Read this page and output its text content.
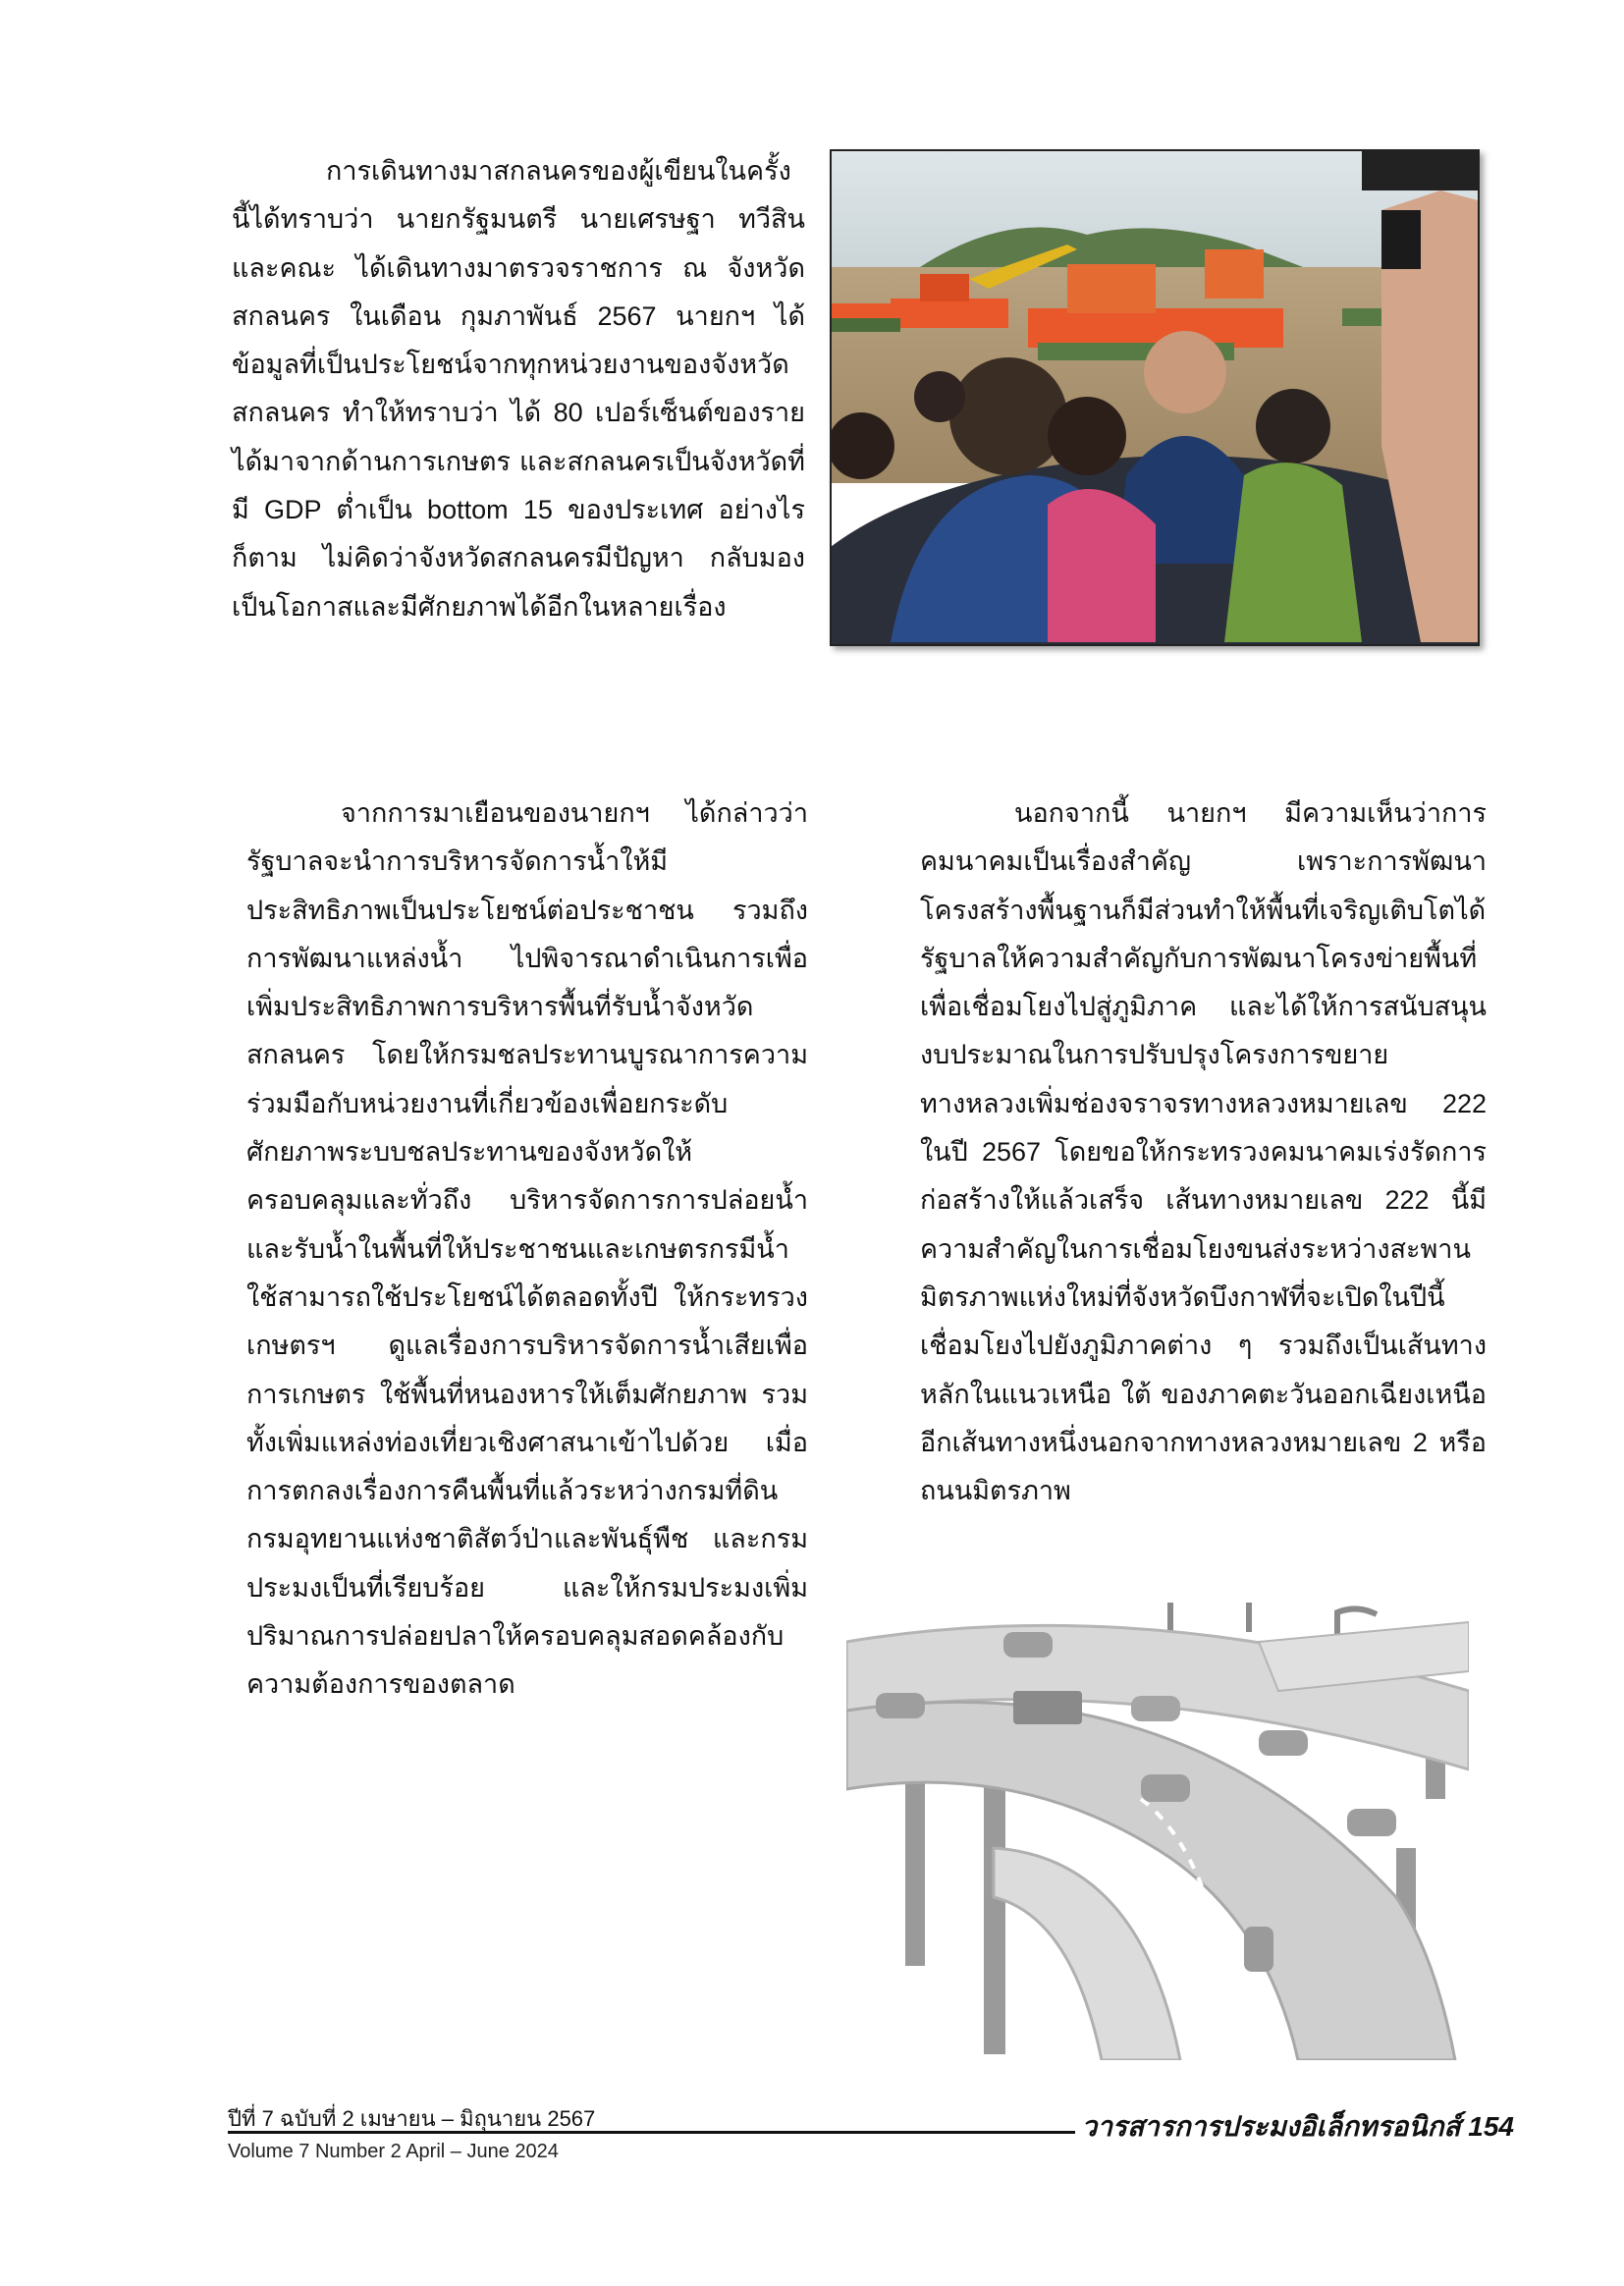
การเดินทางมาสกลนครของผู้เขียนในครั้งนี้ได้ทราบว่า นายกรัฐมนตรี นายเศรษฐา ทวีสิน และคณะ ได้เดินทางมาตรวจราชการ ณ จังหวัดสกลนคร ในเดือน กุมภาพันธ์ 2567 นายกฯ ได้ข้อมูลที่เป็นประโยชน์จากทุกหน่วยงานของจังหวัดสกลนคร ทำให้ทราบว่า ได้ 80 เปอร์เซ็นต์ของรายได้มาจากด้านการเกษตร และสกลนครเป็นจังหวัดที่มี GDP ต่ำเป็น bottom 15 ของประเทศ อย่างไรก็ตาม ไม่คิดว่าจังหวัดสกลนครมีปัญหา กลับมองเป็นโอกาสและมีศักยภาพได้อีกในหลายเรื่อง

จากการมาเยือนของนายกฯ ได้กล่าวว่ารัฐบาลจะนำการบริหารจัดการน้ำให้มีประสิทธิภาพเป็นประโยชน์ต่อประชาชน รวมถึงการพัฒนาแหล่งน้ำ ไปพิจารณาดำเนินการเพื่อเพิ่มประสิทธิภาพการบริหารพื้นที่รับน้ำจังหวัดสกลนคร โดยให้กรมชลประทานบูรณาการความร่วมมือกับหน่วยงานที่เกี่ยวข้องเพื่อยกระดับศักยภาพระบบชลประทานของจังหวัดให้ครอบคลุมและทั่วถึง บริหารจัดการการปล่อยน้ำและรับน้ำในพื้นที่ให้ประชาชนและเกษตรกรมีน้ำใช้สามารถใช้ประโยชน์ได้ตลอดทั้งปี ให้กระทรวงเกษตรฯ ดูแลเรื่องการบริหารจัดการน้ำเสียเพื่อการเกษตร ใช้พื้นที่หนองหารให้เต็มศักยภาพ รวมทั้งเพิ่มแหล่งท่องเที่ยวเชิงศาสนาเข้าไปด้วย เมื่อการตกลงเรื่องการคืนพื้นที่แล้วระหว่างกรมที่ดิน กรมอุทยานแห่งชาติสัตว์ป่าและพันธุ์พืช และกรมประมงเป็นที่เรียบร้อย และให้กรมประมงเพิ่มปริมาณการปล่อยปลาให้ครอบคลุมสอดคล้องกับความต้องการของตลาด

นอกจากนี้ นายกฯ มีความเห็นว่าการคมนาคมเป็นเรื่องสำคัญ เพราะการพัฒนาโครงสร้างพื้นฐานก็มีส่วนทำให้พื้นที่เจริญเติบโตได้ รัฐบาลให้ความสำคัญกับการพัฒนาโครงข่ายพื้นที่เพื่อเชื่อมโยงไปสู่ภูมิภาค และได้ให้การสนับสนุนงบประมาณในการปรับปรุงโครงการขยายทางหลวงเพิ่มช่องจราจรทางหลวงหมายเลข 222 ในปี 2567 โดยขอให้กระทรวงคมนาคมเร่งรัดการก่อสร้างให้แล้วเสร็จ เส้นทางหมายเลข 222 นี้มีความสำคัญในการเชื่อมโยงขนส่งระหว่างสะพานมิตรภาพแห่งใหม่ที่จังหวัดบึงกาฬที่จะเปิดในปีนี้ เชื่อมโยงไปยังภูมิภาคต่าง ๆ รวมถึงเป็นเส้นทางหลักในแนวเหนือ ใต้ ของภาคตะวันออกเฉียงเหนืออีกเส้นทางหนึ่งนอกจากทางหลวงหมายเลข 2 หรือถนนมิตรภาพ

ปีที่ 7 ฉบับที่ 2 เมษายน – มิถุนายน 2567
Volume 7 Number 2 April – June 2024
วารสารการประมงอิเล็กทรอนิกส์ 154
